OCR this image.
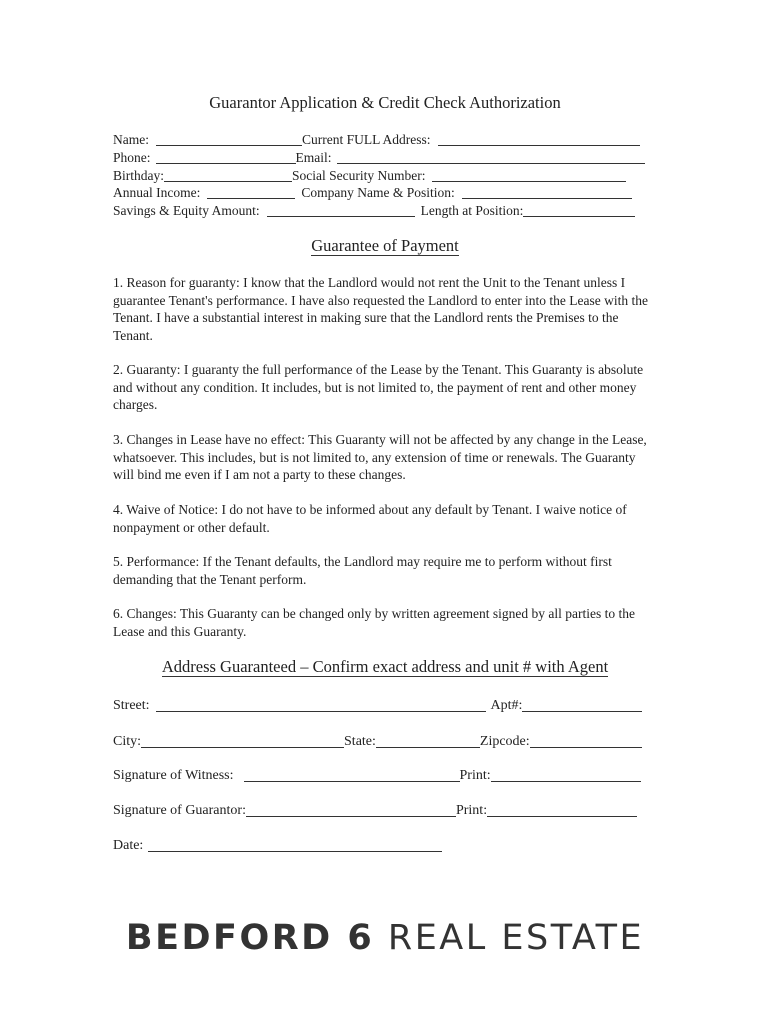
Guarantor Application & Credit Check Authorization
Name:	Current FULL Address:
Phone:	Email:
Birthday:	Social Security Number:
Annual Income:	Company Name & Position:
Savings & Equity Amount:	Length at Position:
Guarantee of Payment
1. Reason for guaranty: I know that the Landlord would not rent the Unit to the Tenant unless I guarantee Tenant's performance. I have also requested the Landlord to enter into the Lease with the Tenant. I have a substantial interest in making sure that the Landlord rents the Premises to the Tenant.
2. Guaranty: I guaranty the full performance of the Lease by the Tenant. This Guaranty is absolute and without any condition. It includes, but is not limited to, the payment of rent and other money charges.
3. Changes in Lease have no effect: This Guaranty will not be affected by any change in the Lease, whatsoever. This includes, but is not limited to, any extension of time or renewals. The Guaranty will bind me even if I am not a party to these changes.
4. Waive of Notice: I do not have to be informed about any default by Tenant. I waive notice of nonpayment or other default.
5. Performance: If the Tenant defaults, the Landlord may require me to perform without first demanding that the Tenant perform.
6. Changes: This Guaranty can be changed only by written agreement signed by all parties to the Lease and this Guaranty.
Address Guaranteed – Confirm exact address and unit # with Agent
Street:	Apt#:
City:	State:	Zipcode:
Signature of Witness:	Print:
Signature of Guarantor:	Print:
Date:
BEDFORD 6 REAL ESTATE
